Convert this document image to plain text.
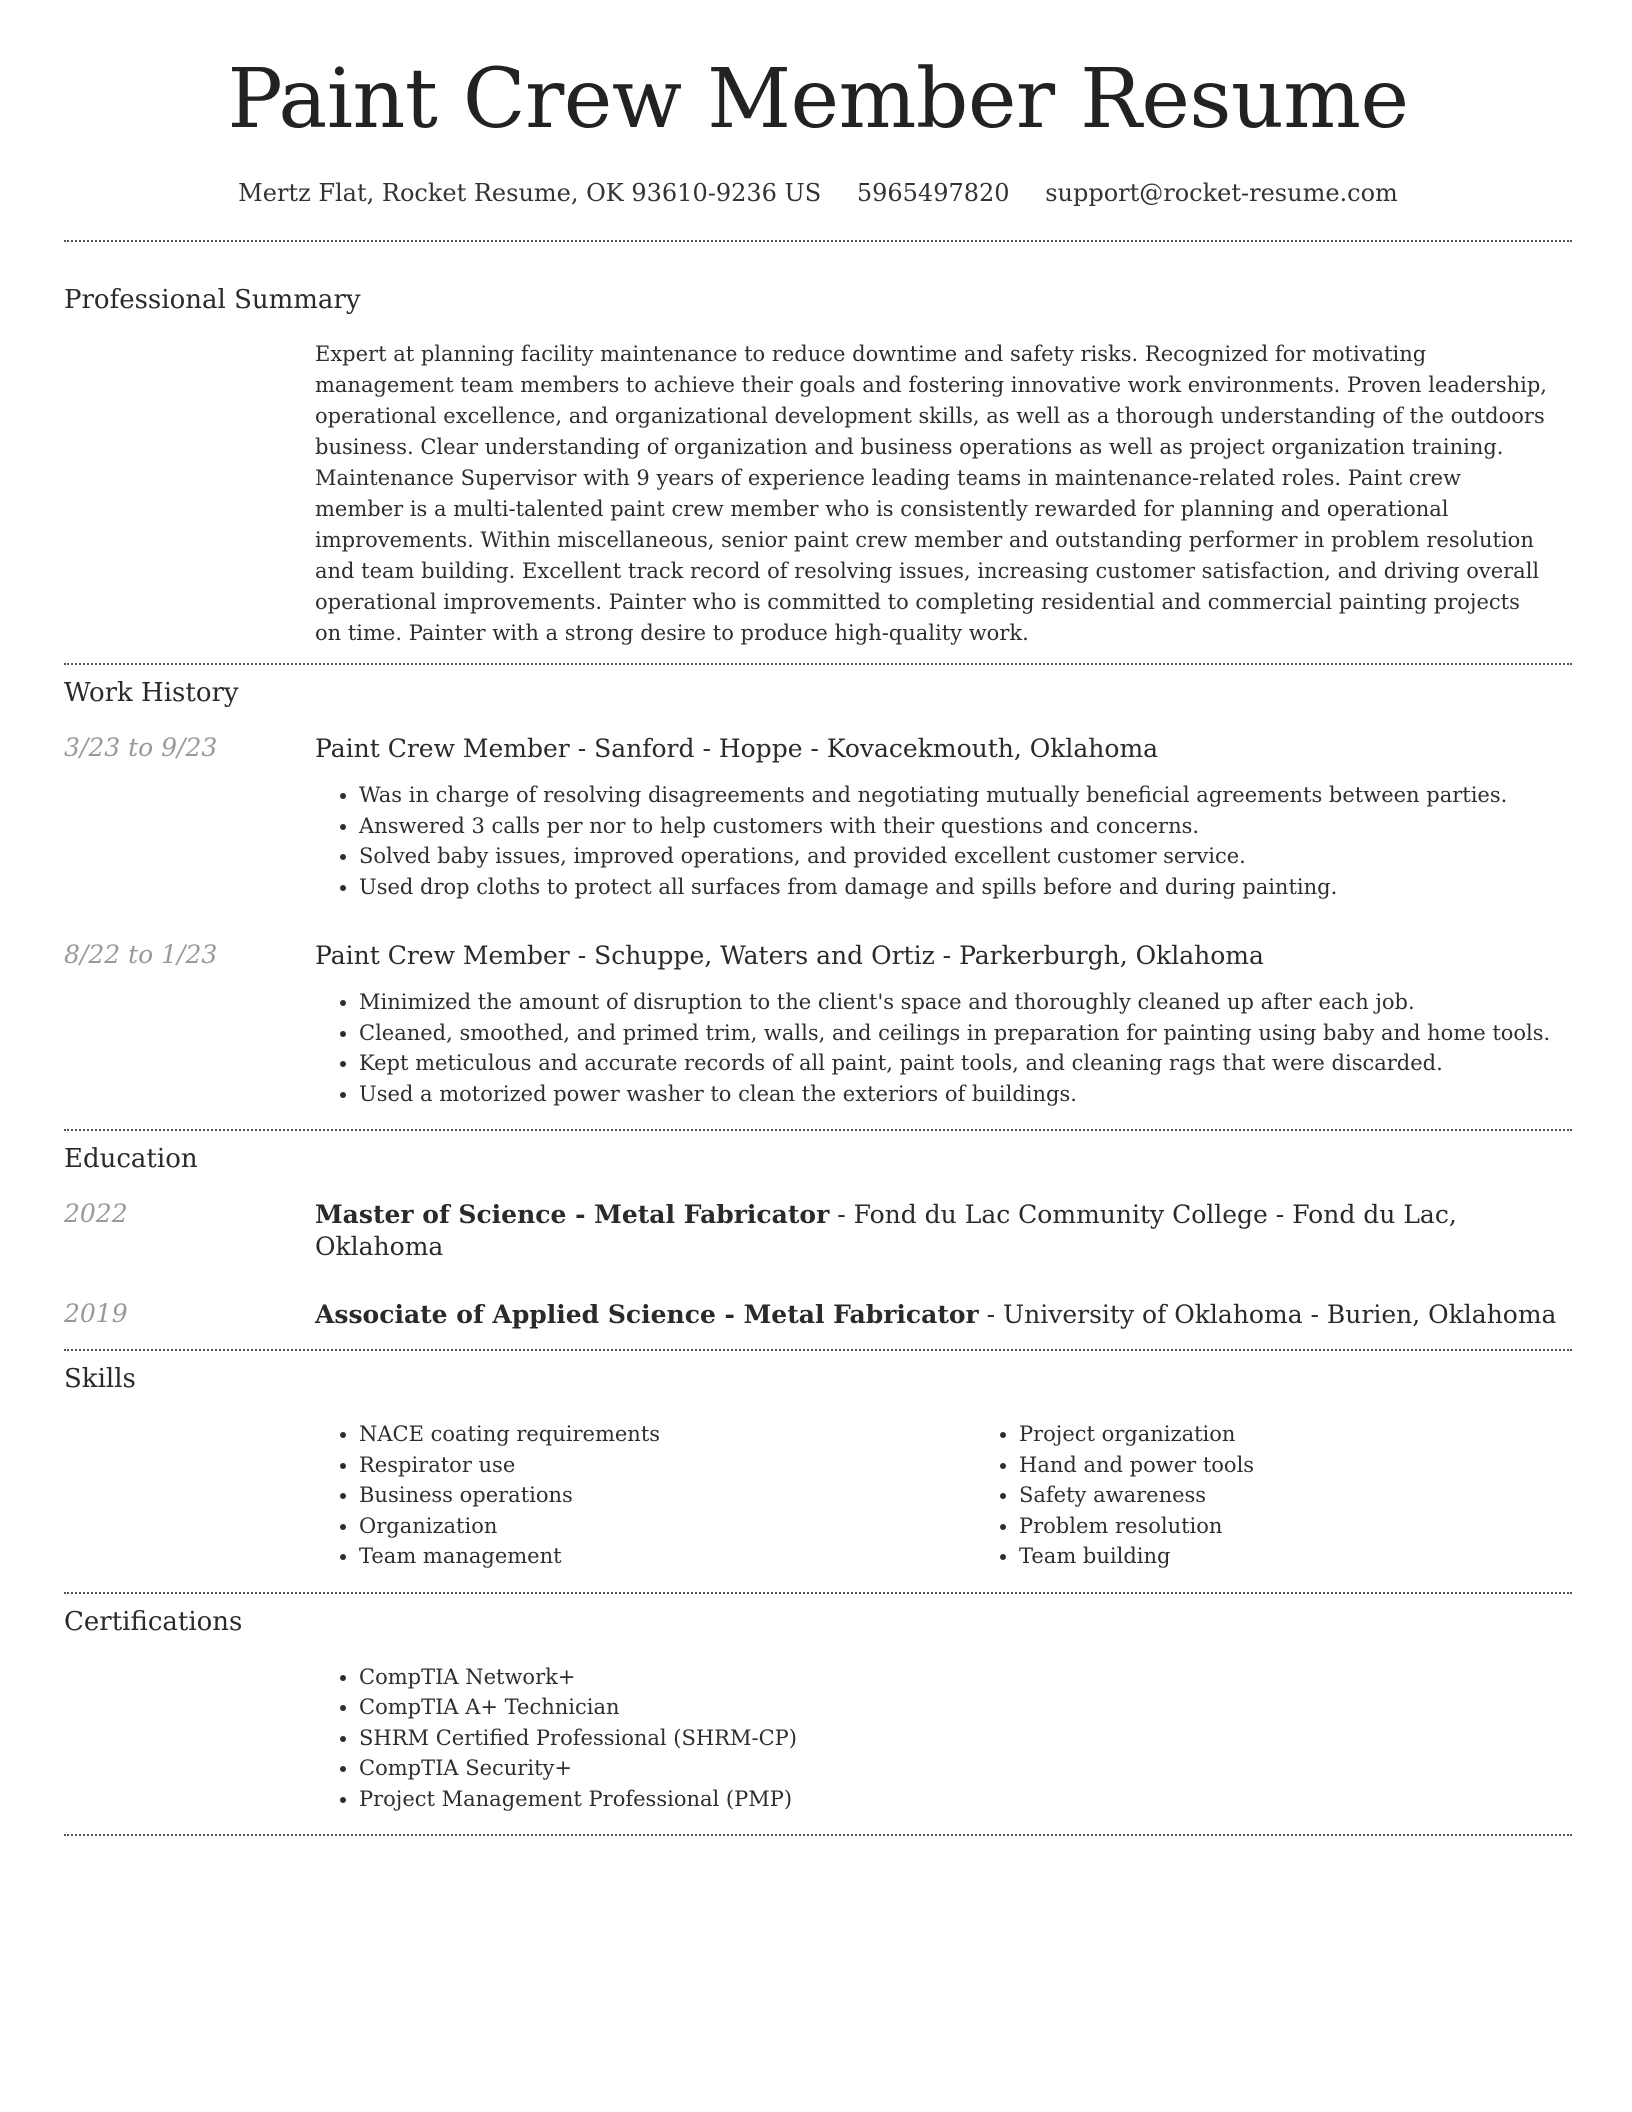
Paint Crew Member Resume
Mertz Flat, Rocket Resume, OK 93610-9236 US 5965497820 support@rocket-resume.com
Professional Summary

Expert at planning facility maintenance to reduce downtime and safety risks. Recognized for motivating management team members to achieve their goals and fostering innovative work environments. Proven leadership, operational excellence, and organizational development skills, as well as a thorough understanding of the outdoors business. Clear understanding of organization and business operations as well as project organization training. Maintenance Supervisor with 9 years of experience leading teams in maintenance-related roles. Paint crew member is a multi-talented paint crew member who is consistently rewarded for planning and operational improvements. Within miscellaneous, senior paint crew member and outstanding performer in problem resolution and team building. Excellent track record of resolving issues, increasing customer satisfaction, and driving overall operational improvements. Painter who is committed to completing residential and commercial painting projects on time. Painter with a strong desire to produce high-quality work.

Work History
3/23 to 9/23	Paint Crew Member - Sanford - Hoppe - Kovacekmouth, Oklahoma
• Was in charge of resolving disagreements and negotiating mutually beneficial agreements between parties.
• Answered 3 calls per nor to help customers with their questions and concerns.
• Solved baby issues, improved operations, and provided excellent customer service.
• Used drop cloths to protect all surfaces from damage and spills before and during painting.
8/22 to 1/23	Paint Crew Member - Schuppe, Waters and Ortiz - Parkerburgh, Oklahoma
• Minimized the amount of disruption to the client's space and thoroughly cleaned up after each job.
• Cleaned, smoothed, and primed trim, walls, and ceilings in preparation for painting using baby and home tools.
• Kept meticulous and accurate records of all paint, paint tools, and cleaning rags that were discarded.
• Used a motorized power washer to clean the exteriors of buildings.
Education
2022	Master of Science - Metal Fabricator - Fond du Lac Community College - Fond du Lac, Oklahoma
2019	Associate of Applied Science - Metal Fabricator - University of Oklahoma - Burien, Oklahoma
Skills
• NACE coating requirements
• Respirator use
• Business operations
• Organization
• Team management
• Project organization
• Hand and power tools
• Safety awareness
• Problem resolution
• Team building
Certifications
• CompTIA Network+
• CompTIA A+ Technician
• SHRM Certified Professional (SHRM-CP)
• CompTIA Security+
• Project Management Professional (PMP)
